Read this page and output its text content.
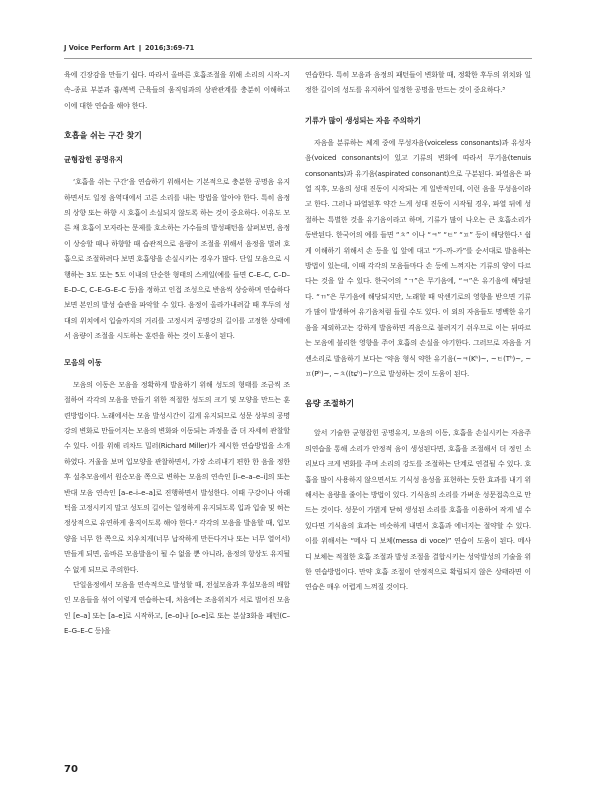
J Voice Perform Art ❙ 2016;3:69-71

육에 긴장감을 만들기 쉽다. 따라서 올바른 호흡조절을 위해 소리의 시작–지속–종료 부분과 흉/복벽 근육들의 움직임과의 상관관계를 충분히 이해하고 이에 대한 연습을 해야 한다.

호흡을 쉬는 구간 찾기
균형잡힌 공명유지

‘호흡을 쉬는 구간’을 연습하기 위해서는 기본적으로 충분한 공명음 유지하면서도 일정 음역대에서 고른 소리를 내는 방법을 알아야 한다. 특히 음정의 상향 또는 하향 시 호흡이 소실되지 않도록 하는 것이 중요하다. 이유도 모른 채 호흡이 모자라는 문제를 호소하는 가수들의 발성패턴을 살펴보면, 음정이 상승할 때나 하향할 때 습관적으로 음량이 조절을 위해서 음정을 벌려 호흡으로 조절하려다 보면 호흡양을 손실시키는 경우가 많다. 단일 모음으로 시행하는 3도 또는 5도 이내의 단순한 형태의 스케일(예를 들면 C–E–C, C–D–E–D–C, C–E–G–E–C 등)을 정하고 인접 조성으로 반음씩 상승하며 연습하다 보면 본인의 발성 습관을 파악할 수 있다. 음정이 올라가내려갈 때 후두의 성대의 위치에서 입술까지의 거리를 고정시켜 공명강의 길이를 고정한 상태에서 음량이 조절을 시도하는 훈련을 하는 것이 도움이 된다.

모음의 이동

모음의 이동은 모음을 정확하게 발음하기 위해 성도의 형태를 조금씩 조절하여 각각의 모음을 만들기 위한 적절한 성도의 크기 및 모양을 만드는 훈련방법이다. 노래에서는 모음 발성시간이 길게 유지되므로 성문 상부의 공명강의 변화로 만들어지는 모음의 변화와 이동되는 과정을 좀 더 자세히 관찰할 수 있다. 이를 위해 리차드 밀러(Richard Miller)가 제시한 연습방법을 소개하였다. 거울을 보며 입모양을 관찰하면서, 가장 소리내기 편한 한 음을 정한 후 설추모음에서 원순모음 쪽으로 변하는 모음의 연속인 [i–e–a–e–i]의 또는 반대 모음 연속인 [a–e–i–e–a]로 진행하면서 발성한다. 이때 구강이나 아래턱을 고정시키지 말고 성도의 길이는 일정하게 유지되도록 입과 입술 및 혀는 정상적으로 유연하게 움직이도록 해야 한다.² 각각의 모음을 발음할 때, 입모양을 너무 한 쪽으로 치우치게(너무 납작하게 만든다거나 또는 너무 열어서) 만들게 되면, 올바른 모음발음이 될 수 없을 뿐 아니라, 음정의 항상도 유지될 수 없게 되므로 주의한다.

단일음정에서 모음을 연속적으로 발성할 때, 전설모음과 후설모음의 배합인 모음들을 섞어 이렇게 연습하는데, 처음에는 조음위치가 서로 벌어진 모음인 [e–a] 또는 [a–e]로 시작하고, [e–o]나 [o–e]로 또는 분살3화음 패턴(C–E–G–E–C 등)을

연습한다. 특히 모음과 음정의 패턴들이 변화할 때, 정확한 후두의 위치와 일정한 길이의 성도를 유지하여 일정한 공명을 만드는 것이 중요하다.³

기류가 많이 생성되는 자음 주의하기

자음을 분류하는 체계 중에 무성자음(voiceless consonants)과 유성자음(voiced consonants)이 있고 기류의 변화에 따라서 무기음(tenuis consonants)과 유기음(aspirated consonant)으로 구분된다. 파열음은 파열 직후, 모음의 성대 진동이 시작되는 게 일반적인데, 이런 음을 무성음이라고 한다. 그러나 파열된후 약간 느게 성대 진동이 시작될 경우, 파열 뒤에 성절하는 특별한 것을 유기음이라고 하며, 기류가 많이 나오는 큰 호흡소리가 동반된다. 한국어의 예를 들면 “ㅊ” 이나 “ㅋ” “ㅌ” “ㅍ” 등이 해당한다.¹ 쉽게 이해하기 위해서 손 등을 입 앞에 대고 “가–까–카”를 순서대로 발음하는 방법이 있는데, 이때 각각의 모음들마다 손 등에 느껴지는 기류의 양이 다르다는 것을 알 수 있다. 한국어의 “ㄱ”은 무기음에, “ㅋ”은 유기음에 해당된다. “ㄲ”은 무기음에 해당되지만, 노래할 때 악센기로의 영향을 받으면 기류가 많이 발생하여 유기음처럼 들릴 수도 있다. 이 외의 자음들도 명백한 유기음을 제외하고는 강하게 발음하면 격음으로 불려지기 쉬우므로 이는 뒤따르는 모음에 불리한 영향을 주어 호흡의 손실을 야기한다. 그러므로 자음을 거센소리로 발음하기 보다는 ‘약음 형식 약한 유기음(~ㅋ(Kʰ)~, ~ㅌ(Tʰ)~, ~ㅍ(Pʰ)~, ~ㅊ((tɕʰ)~)’으로 발성하는 것이 도움이 된다.

음량 조절하기

앞서 기술한 균형잡힌 공명유지, 모음의 이동, 호흡을 손실시키는 자음주의연습을 통해 소리가 안정적 음이 생성된다면, 호흡을 조절해서 더 정인 소리보다 크게 변화를 주며 소리의 강도를 조절하는 단계로 연결될 수 있다. 호흡을 많이 사용하지 않으면서도 기식성 음성을 표현하는 듯한 효과를 내기 위해서는 음량을 줄이는 방법이 있다. 기식음의 소리를 가벼운 성문접촉으로 만드는 것이다. 성문이 가벍게 닫혀 생성된 소리를 호흡을 이용하여 작게 낼 수 있다면 기식음의 효과는 비슷하게 내면서 호흡과 에너지는 절약할 수 있다. 이를 위해서는 “메사 디 보체(messa di voce)” 연습이 도움이 된다. 메사 디 보체는 적절한 호흡 조절과 발성 조절을 결합시키는 성악발성의 기술을 위한 연습방법이다. 만약 호흡 조절이 안정적으로 확립되지 않은 상태라면 이 연습은 매우 어렵게 느껴질 것이다.

70
